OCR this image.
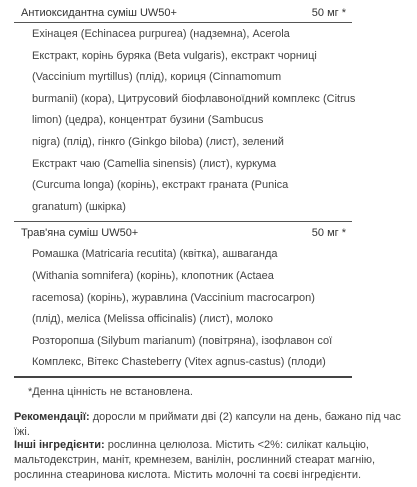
Антиоксидантна суміш UW50+	50 мг *
Ехінацея (Echinacea purpurea) (надземна), Acerola
Екстракт, корінь буряка (Beta vulgaris), екстракт чорниці
(Vaccinium myrtillus) (плід), кориця (Cinnamomum
burmanii) (кора), Цитрусовий біофлавоноїдний комплекс (Citrus
limon) (цедра), концентрат бузини (Sambucus
nigra) (плід), гінкго (Ginkgo biloba) (лист), зелений
Екстракт чаю (Camellia sinensis) (лист), куркума
(Curcuma longa) (корінь), екстракт граната (Punica
granatum) (шкірка)
Трав'яна суміш UW50+	50 мг *
Ромашка (Matricaria recutita) (квітка), ашваганда
(Withania somnifera) (корінь), клопотник (Actaea
racemosa) (корінь), журавлина (Vaccinium macrocarpon)
(плід), меліса (Melissa officinalis) (лист), молоко
Розторопша (Silybum marianum) (повітряна), ізофлавон сої
Комплекс, Вітекс Chasteberry (Vitex agnus-castus) (плоди)
*Денна цінність не встановлена.
Рекомендації: доросли м приймати дві (2) капсули на день, бажано під час їжі.
Інші інгредієнти: рослинна целюлоза. Містить <2%: силікат кальцію, мальтодекстрин, маніт, кремнезем, ванілін, рослинний стеарат магнію, рослинна стеаринова кислота. Містить молочні та соєві інгредієнти.
